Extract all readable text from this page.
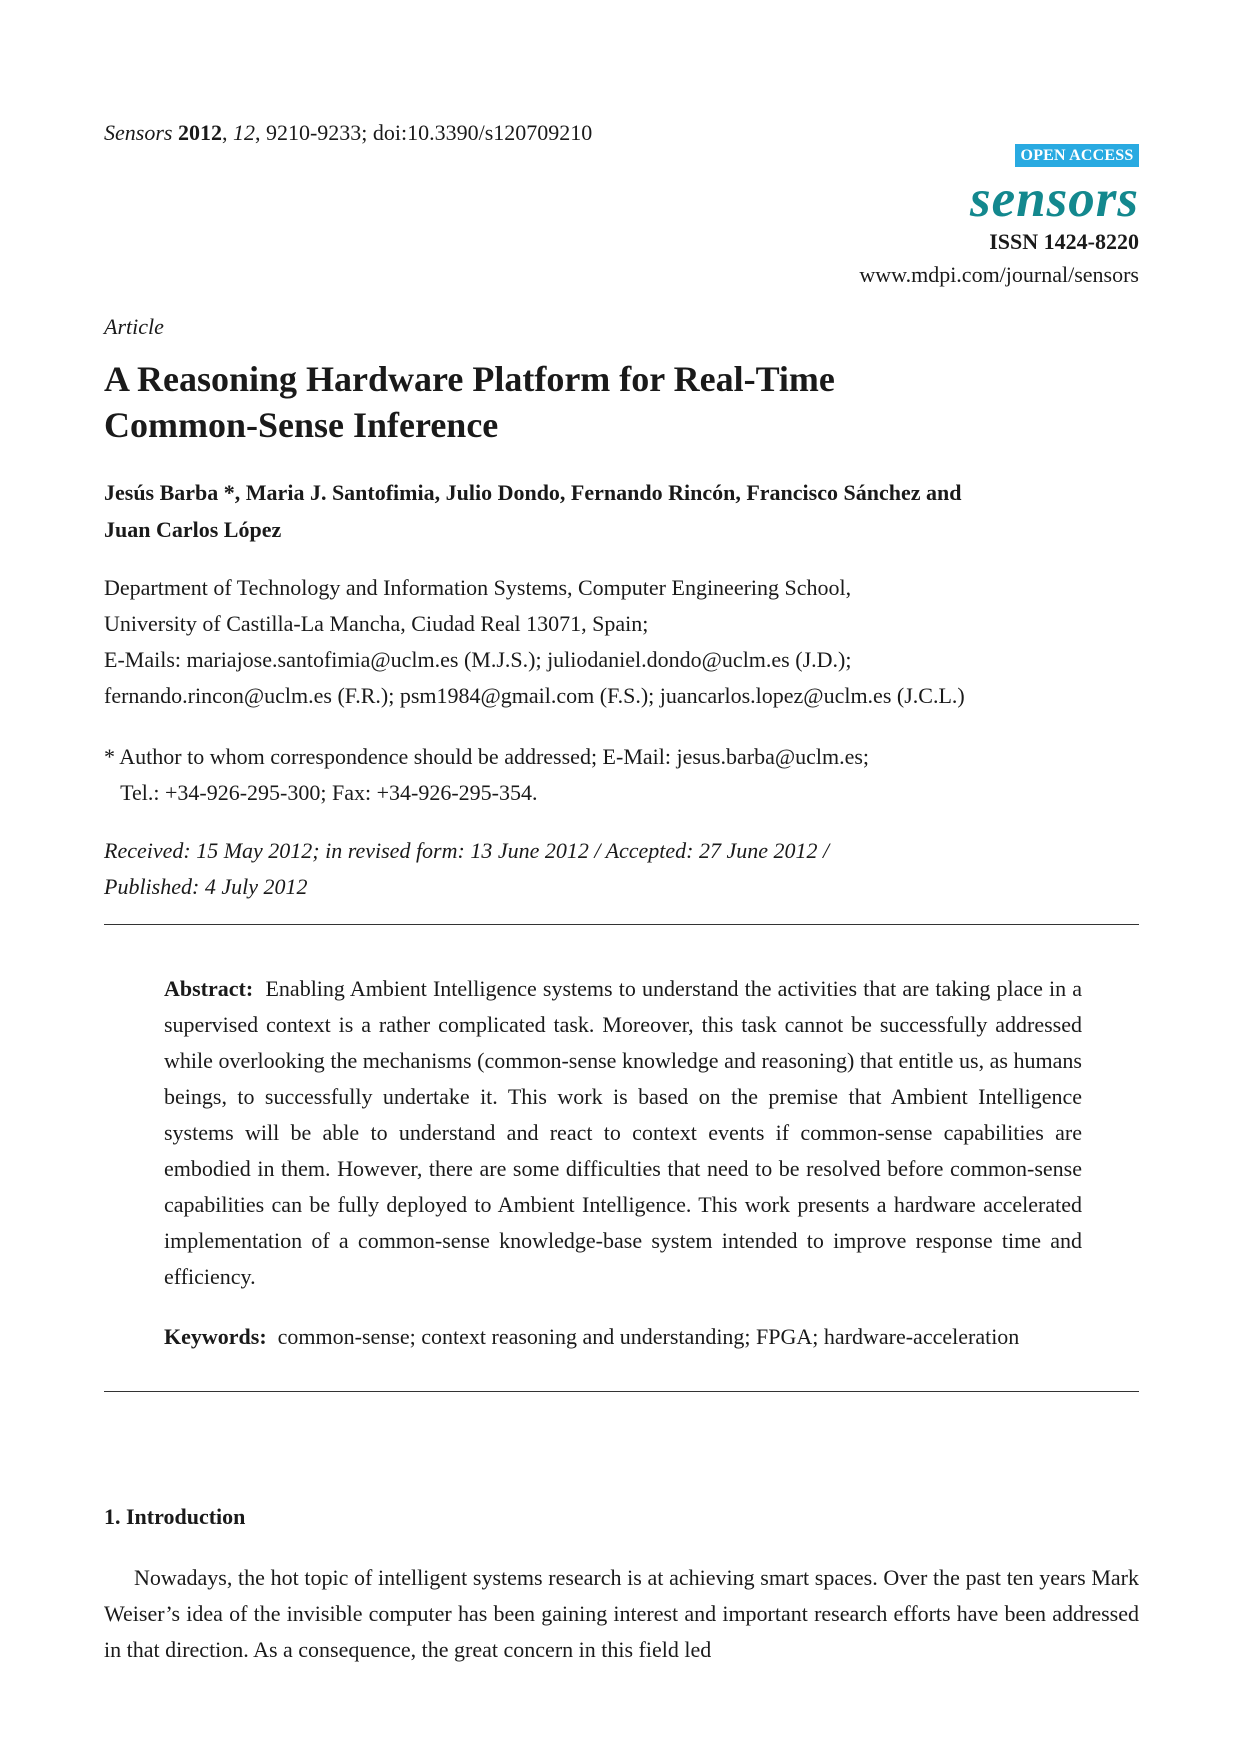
Sensors 2012, 12, 9210-9233; doi:10.3390/s120709210
OPEN ACCESS
sensors
ISSN 1424-8220
www.mdpi.com/journal/sensors
Article
A Reasoning Hardware Platform for Real-Time
Common-Sense Inference
Jesús Barba *, Maria J. Santofimia, Julio Dondo, Fernando Rincón, Francisco Sánchez and
Juan Carlos López
Department of Technology and Information Systems, Computer Engineering School,
University of Castilla-La Mancha, Ciudad Real 13071, Spain;
E-Mails: mariajose.santofimia@uclm.es (M.J.S.); juliodaniel.dondo@uclm.es (J.D.);
fernando.rincon@uclm.es (F.R.); psm1984@gmail.com (F.S.); juancarlos.lopez@uclm.es (J.C.L.)
* Author to whom correspondence should be addressed; E-Mail: jesus.barba@uclm.es;
Tel.: +34-926-295-300; Fax: +34-926-295-354.
Received: 15 May 2012; in revised form: 13 June 2012 / Accepted: 27 June 2012 /
Published: 4 July 2012
Abstract: Enabling Ambient Intelligence systems to understand the activities that are taking place in a supervised context is a rather complicated task. Moreover, this task cannot be successfully addressed while overlooking the mechanisms (common-sense knowledge and reasoning) that entitle us, as humans beings, to successfully undertake it. This work is based on the premise that Ambient Intelligence systems will be able to understand and react to context events if common-sense capabilities are embodied in them. However, there are some difficulties that need to be resolved before common-sense capabilities can be fully deployed to Ambient Intelligence. This work presents a hardware accelerated implementation of a common-sense knowledge-base system intended to improve response time and efficiency.
Keywords: common-sense; context reasoning and understanding; FPGA; hardware-acceleration
1. Introduction
Nowadays, the hot topic of intelligent systems research is at achieving smart spaces. Over the past ten years Mark Weiser’s idea of the invisible computer has been gaining interest and important research efforts have been addressed in that direction. As a consequence, the great concern in this field led
